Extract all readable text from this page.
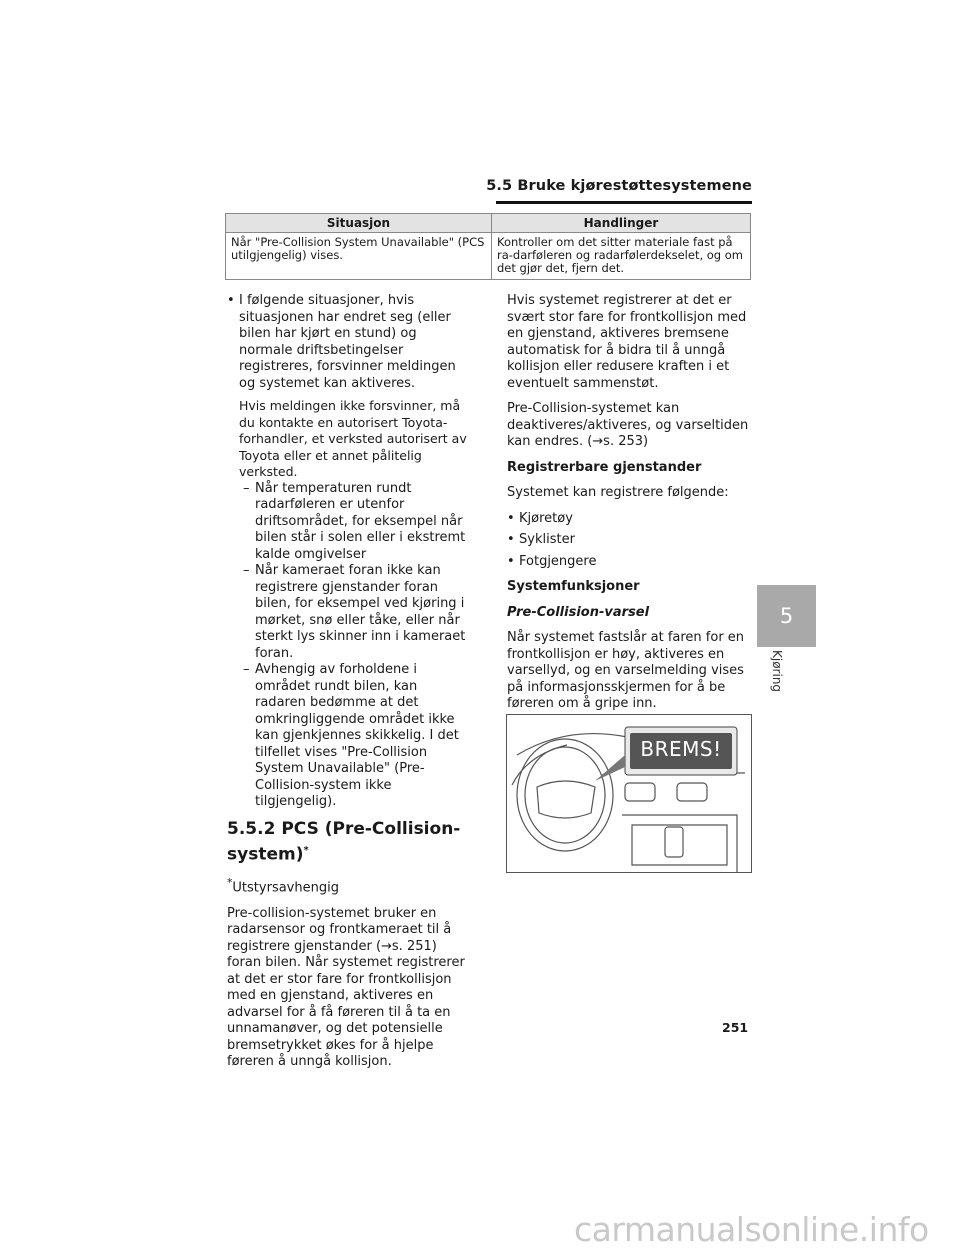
5.5 Bruke kjørestøttesystemene
Situasjon	Handlinger
Når "Pre-Collision System Unavailable" (PCS utilgjengelig) vises.	Kontroller om det sitter materiale fast på ra-darføleren og radarfølerdekselet, og om det gjør det, fjern det.
• I følgende situasjoner, hvis situasjonen har endret seg (eller bilen har kjørt en stund) og normale driftsbetingelser registreres, forsvinner meldingen og systemet kan aktiveres.

Hvis meldingen ikke forsvinner, må du kontakte en autorisert Toyota-forhandler, et verksted autorisert av Toyota eller et annet pålitelig verksted.

– Når temperaturen rundt radarføleren er utenfor driftsområdet, for eksempel når bilen står i solen eller i ekstremt kalde omgivelser
– Når kameraet foran ikke kan registrere gjenstander foran bilen, for eksempel ved kjøring i mørket, snø eller tåke, eller når sterkt lys skinner inn i kameraet foran.
– Avhengig av forholdene i området rundt bilen, kan radaren bedømme at det omkringliggende området ikke kan gjenkjennes skikkelig. I det tilfellet vises "Pre-Collision System Unavailable" (Pre-Collision-system ikke tilgjengelig).
5.5.2 PCS (Pre-Collision-system)*

*Utstyrsavhengig

Pre-collision-systemet bruker en radarsensor og frontkameraet til å registrere gjenstander (→s. 251) foran bilen. Når systemet registrerer at det er stor fare for frontkollisjon med en gjenstand, aktiveres en advarsel for å få føreren til å ta en unnamanøver, og det potensielle bremsetrykket økes for å hjelpe føreren å unngå kollisjon.

Hvis systemet registrerer at det er svært stor fare for frontkollisjon med en gjenstand, aktiveres bremsene automatisk for å bidra til å unngå kollisjon eller redusere kraften i et eventuelt sammenstøt.

Pre-Collision-systemet kan deaktiveres/aktiveres, og varseltiden kan endres. (→s. 253)

Registrerbare gjenstander

Systemet kan registrere følgende:

• Kjøretøy
• Syklister
• Fotgjengere

Systemfunksjoner

Pre-Collision-varsel

Når systemet fastslår at faren for en frontkollisjon er høy, aktiveres en varsellyd, og en varselmelding vises på informasjonsskjermen for å be føreren om å gripe inn.

BREMS!
5
Kjøring
251
carmanualsonline.info
